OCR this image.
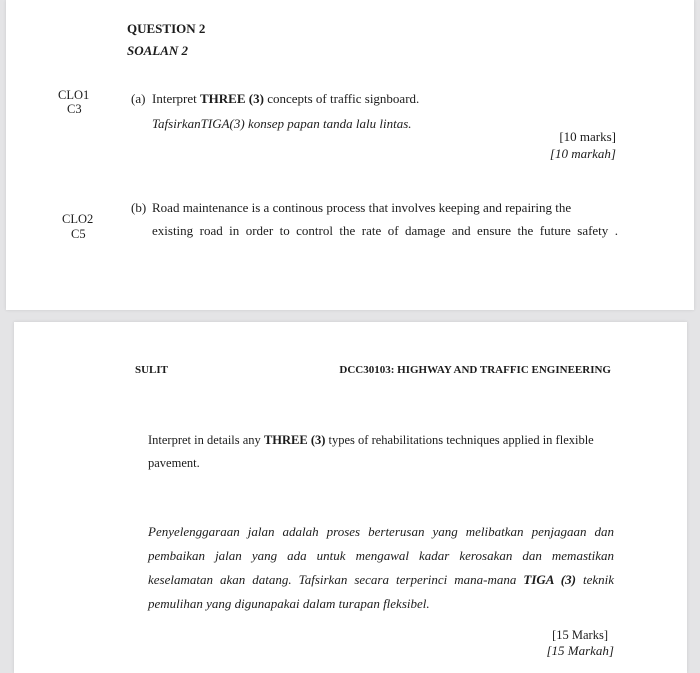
QUESTION 2
SOALAN 2
CLO1
C3
(a) Interpret THREE (3) concepts of traffic signboard.
TafsirkanTIGA(3) konsep papan tanda lalu lintas.
[10 marks]
[10 markah]
CLO2
C5
(b) Road maintenance is a continous process that involves keeping and repairing the
existing road in order to control the rate of damage and ensure the future safety .
SULIT	DCC30103: HIGHWAY AND TRAFFIC ENGINEERING
Interpret in details any THREE (3) types of rehabilitations techniques applied in flexible
pavement.
Penyelenggaraan jalan adalah proses berterusan yang melibatkan penjagaan dan
pembaikan jalan yang ada untuk mengawal kadar kerosakan dan memastikan
keselamatan akan datang. Tafsirkan secara terperinci mana-mana TIGA (3) teknik
pemulihan yang digunapakai dalam turapan fleksibel.
[15 Marks]
[15 Markah]
